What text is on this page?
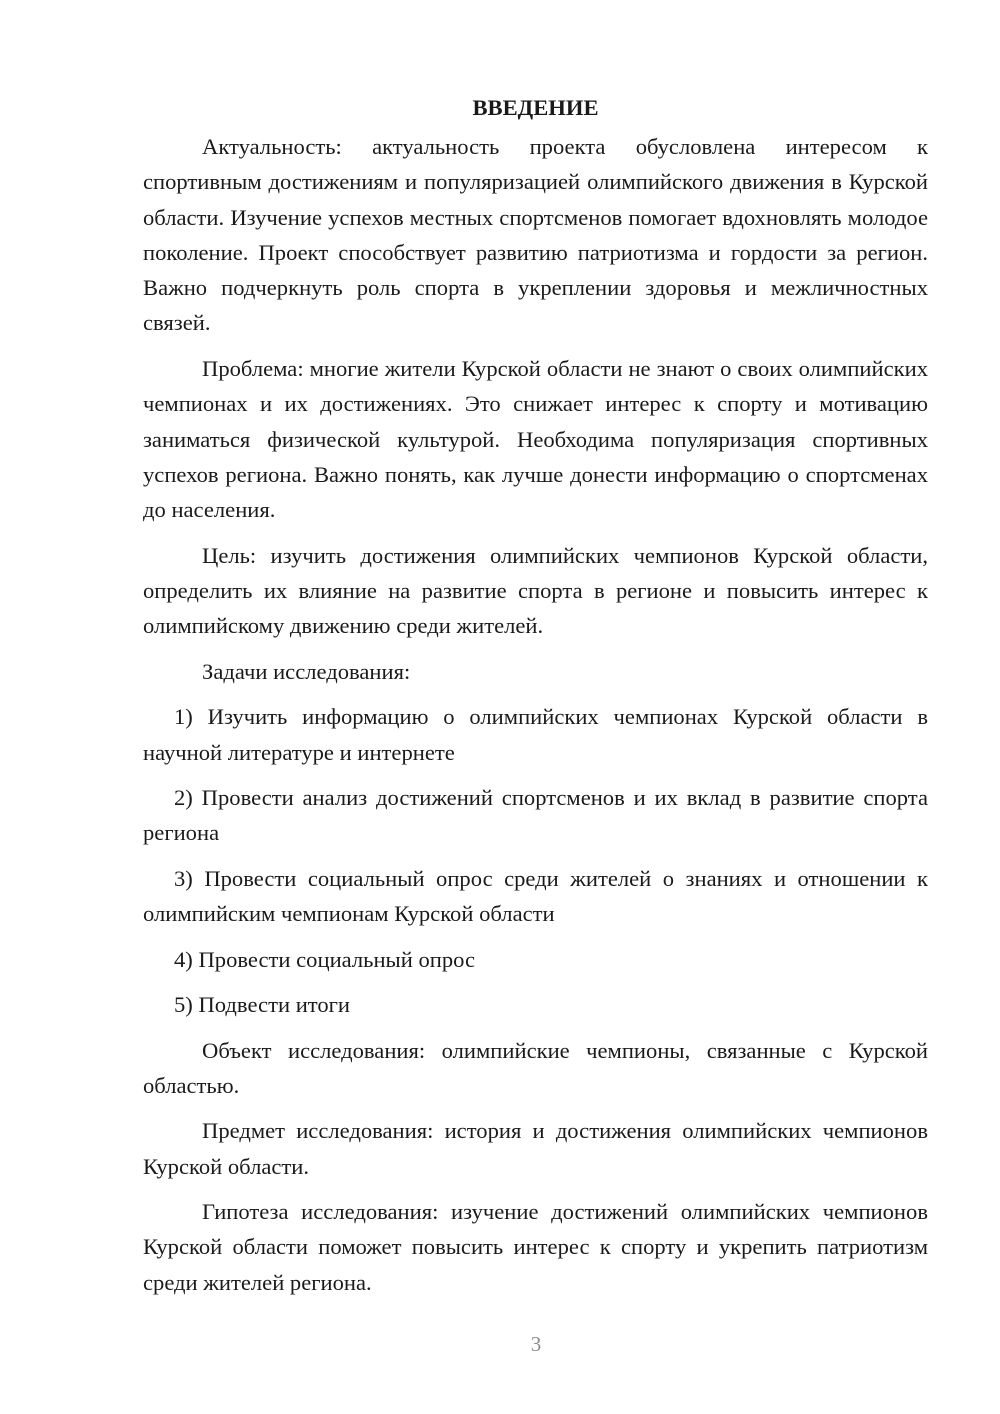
ВВЕДЕНИЕ

Актуальность: актуальность проекта обусловлена интересом к спортивным достижениям и популяризацией олимпийского движения в Курской области. Изучение успехов местных спортсменов помогает вдохновлять молодое поколение. Проект способствует развитию патриотизма и гордости за регион. Важно подчеркнуть роль спорта в укреплении здоровья и межличностных связей.

Проблема: многие жители Курской области не знают о своих олимпийских чемпионах и их достижениях. Это снижает интерес к спорту и мотивацию заниматься физической культурой. Необходима популяризация спортивных успехов региона. Важно понять, как лучше донести информацию о спортсменах до населения.

Цель: изучить достижения олимпийских чемпионов Курской области, определить их влияние на развитие спорта в регионе и повысить интерес к олимпийскому движению среди жителей.

Задачи исследования:

1) Изучить информацию о олимпийских чемпионах Курской области в научной литературе и интернете

2) Провести анализ достижений спортсменов и их вклад в развитие спорта региона

3) Провести социальный опрос среди жителей о знаниях и отношении к олимпийским чемпионам Курской области

4) Провести социальный опрос

5) Подвести итоги

Объект исследования: олимпийские чемпионы, связанные с Курской областью.

Предмет исследования: история и достижения олимпийских чемпионов Курской области.

Гипотеза исследования: изучение достижений олимпийских чемпионов Курской области поможет повысить интерес к спорту и укрепить патриотизм среди жителей региона.

3
